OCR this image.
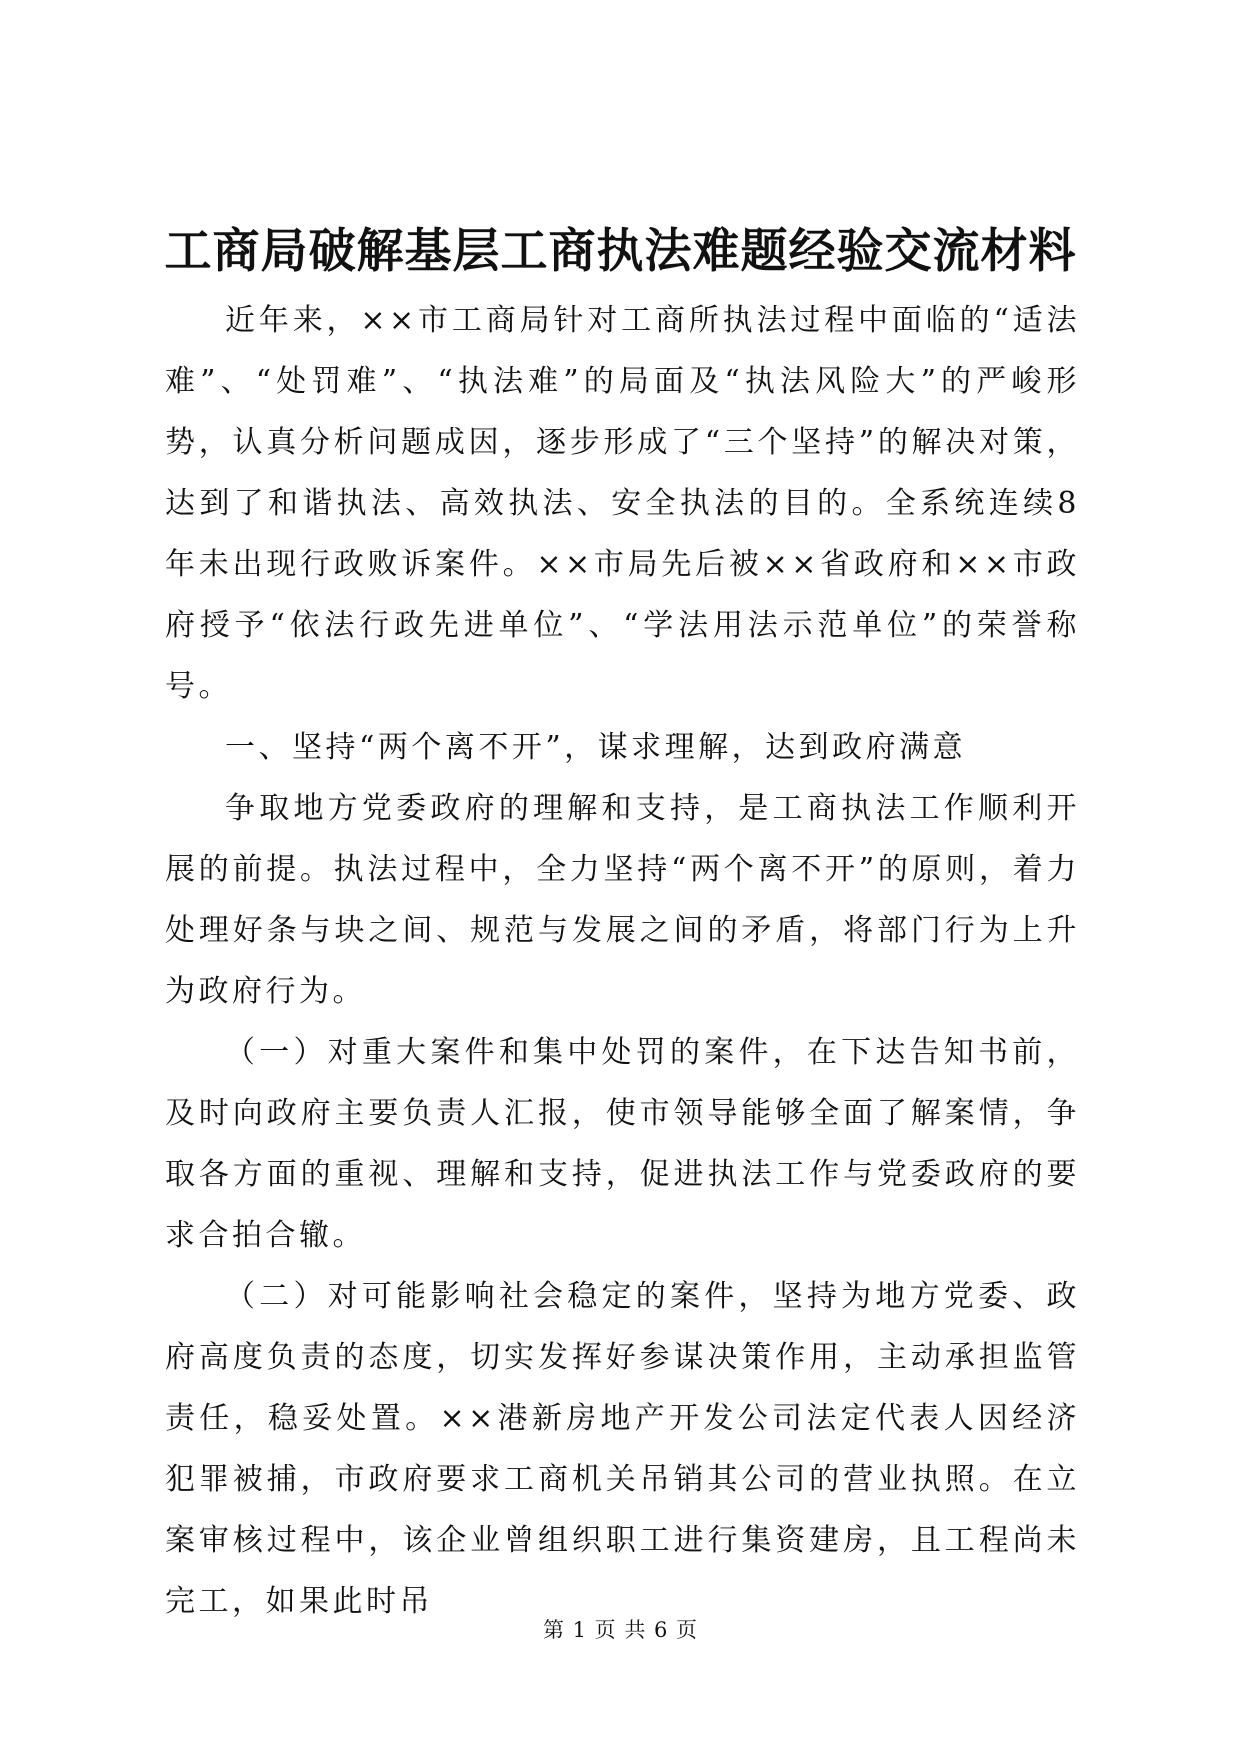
工商局破解基层工商执法难题经验交流材料

近年来，××市工商局针对工商所执法过程中面临的“适法难”、“处罚难”、“执法难”的局面及“执法风险大”的严峻形势，认真分析问题成因，逐步形成了“三个坚持”的解决对策，达到了和谐执法、高效执法、安全执法的目的。全系统连续8年未出现行政败诉案件。××市局先后被××省政府和××市政府授予“依法行政先进单位”、“学法用法示范单位”的荣誉称号。

一、坚持“两个离不开”，谋求理解，达到政府满意

争取地方党委政府的理解和支持，是工商执法工作顺利开展的前提。执法过程中，全力坚持“两个离不开”的原则，着力处理好条与块之间、规范与发展之间的矛盾，将部门行为上升为政府行为。

（一）对重大案件和集中处罚的案件，在下达告知书前，及时向政府主要负责人汇报，使市领导能够全面了解案情，争取各方面的重视、理解和支持，促进执法工作与党委政府的要求合拍合辙。

（二）对可能影响社会稳定的案件，坚持为地方党委、政府高度负责的态度，切实发挥好参谋决策作用，主动承担监管责任，稳妥处置。××港新房地产开发公司法定代表人因经济犯罪被捕，市政府要求工商机关吊销其公司的营业执照。在立案审核过程中，该企业曾组织职工进行集资建房，且工程尚未完工，如果此时吊

第 1 页 共 6 页
